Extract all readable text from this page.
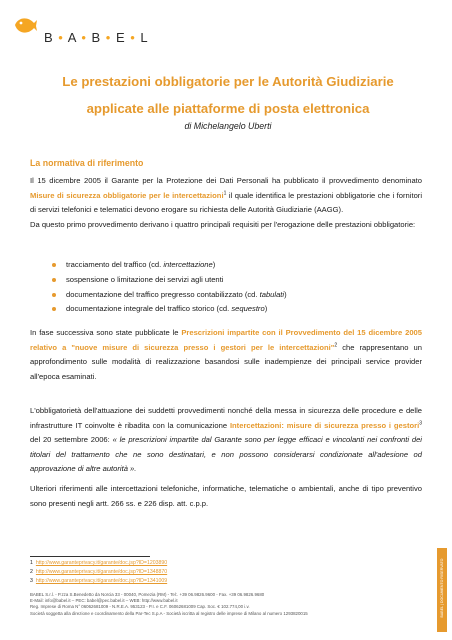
B • A • B • E • L
Le prestazioni obbligatorie per le Autorità Giudiziarie
applicate alle piattaforme di posta elettronica
di Michelangelo Uberti
La normativa di riferimento

Il 15 dicembre 2005 il Garante per la Protezione dei Dati Personali ha pubblicato il provvedimento denominato Misure di sicurezza obbligatorie per le intercettazioni$^1$ il quale identifica le prestazioni obbligatorie che i fornitori di servizi telefonici e telematici devono erogare su richiesta delle Autorità Giudiziarie (AAGG).

Da questo primo provvedimento derivano i quattro principali requisiti per l'erogazione delle prestazioni obbligatorie:

tracciamento del traffico (cd. intercettazione)
sospensione o limitazione dei servizi agli utenti
documentazione del traffico pregresso contabilizzato (cd. tabulati)
documentazione integrale del traffico storico (cd. sequestro)

In fase successiva sono state pubblicate le Prescrizioni impartite con il Provvedimento del 15 dicembre 2005 relativo a "nuove misure di sicurezza presso i gestori per le intercettazioni"$^2$ che rappresentano un approfondimento sulle modalità di realizzazione basandosi sulle inadempienze dei principali service provider all'epoca esaminati.

L'obbligatorietà dell'attuazione dei suddetti provvedimenti nonché della messa in sicurezza delle procedure e delle infrastrutture IT coinvolte è ribadita con la comunicazione Intercettazioni: misure di sicurezza presso i gestori$^3$ del 20 settembre 2006: « le prescrizioni impartite dal Garante sono per legge efficaci e vincolanti nei confronti dei titolari del trattamento che ne sono destinatari, e non possono considerarsi condizionate all'adesione od approvazione di altre autorità ».

Ulteriori riferimenti alle intercettazioni telefoniche, informatiche, telematiche o ambientali, anche di tipo preventivo sono presenti negli artt. 266 ss. e 226 disp. att. c.p.p.
1 http://www.garanteprivacy.it/garante/doc.jsp?ID=1203890
2 http://www.garanteprivacy.it/garante/doc.jsp?ID=1348870
3 http://www.garanteprivacy.it/garante/doc.jsp?ID=1341009
BABEL S.r.l. - P.zza S.Benedetto da Norcia 33 - 00040, Pomezia (RM) - Tel:. +39 06.9826.9600 - Fax. +39 06.9826.9680
E-Mail: info@babel.it – PEC: babel@pec.babel.it – WEB: http://www.babel.it
Reg. Imprese di Roma N° 06062681009 - N.R.E.A. 953123 - P.I. e C.F. 06062681009 Cap. Soc. € 102.774,00 i.v.
Società soggetta alla direzione e coordinamento della Par-Tec S.p.A - Società iscritta al registro delle imprese di Milano al numero 1293820015	BABEL | DOCUMENTO RISERVATO
